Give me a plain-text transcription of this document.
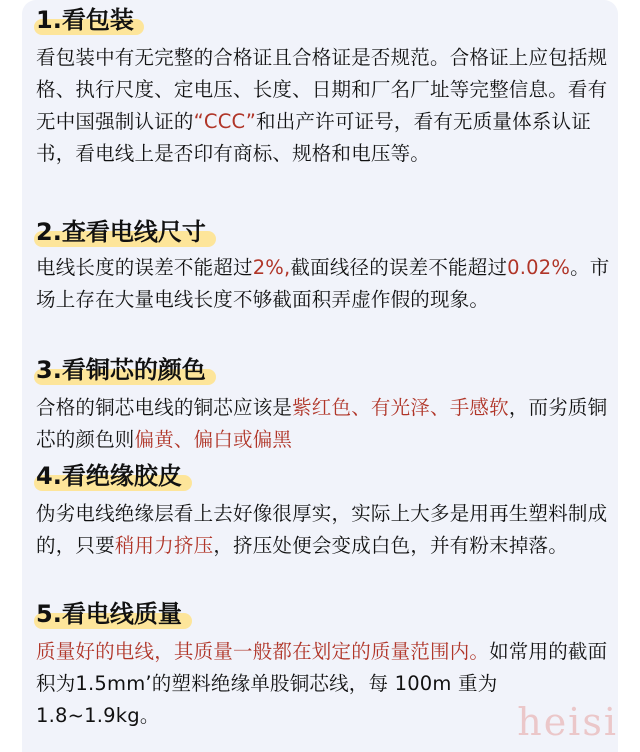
1.看包装

看包装中有无完整的合格证且合格证是否规范。合格证上应包括规格、执行尺度、定电压、长度、日期和厂名厂址等完整信息。看有无中国强制认证的“CCC”和出产许可证号，看有无质量体系认证书，看电线上是否印有商标、规格和电压等。

2.查看电线尺寸

电线长度的误差不能超过2%,截面线径的误差不能超过0.02%。市场上存在大量电线长度不够截面积弄虚作假的现象。

3.看铜芯的颜色

合格的铜芯电线的铜芯应该是紫红色、有光泽、手感软，而劣质铜芯的颜色则偏黄、偏白或偏黑

4.看绝缘胶皮

伪劣电线绝缘层看上去好像很厚实，实际上大多是用再生塑料制成的，只要稍用力挤压，挤压处便会变成白色，并有粉末掉落。

5.看电线质量

质量好的电线，其质量一般都在划定的质量范围内。如常用的截面积为1.5mm’的塑料绝缘单股铜芯线，每 100m 重为 1.8~1.9kg。	heisi
